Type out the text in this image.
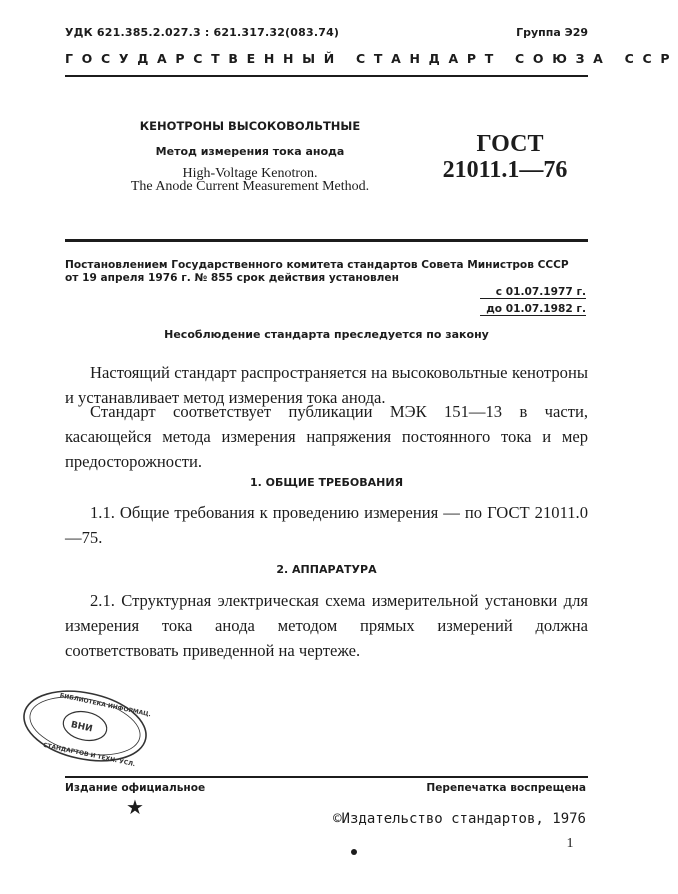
УДК 621.385.2.027.3 : 621.317.32(083.74)	Группа Э29
ГОСУДАРСТВЕННЫЙ СТАНДАРТ СОЮЗА ССР
КЕНОТРОНЫ ВЫСОКОВОЛЬТНЫЕ
Метод измерения тока анода
High-Voltage Kenotron.
The Anode Current Measurement Method.
ГОСТ
21011.1—76
Постановлением Государственного комитета стандартов Совета Министров СССР
от 19 апреля 1976 г. № 855 срок действия установлен
с 01.07.1977 г.
до 01.07.1982 г.
Несоблюдение стандарта преследуется по закону
Настоящий стандарт распространяется на высоковольтные кенотроны и устанавливает метод измерения тока анода.
Стандарт соответствует публикации МЭК 151—13 в части, касающейся метода измерения напряжения постоянного тока и мер предосторожности.
1. ОБЩИЕ ТРЕБОВАНИЯ
1.1. Общие требования к проведению измерения — по ГОСТ 21011.0—75.
2. АППАРАТУРА
2.1. Структурная электрическая схема измерительной установки для измерения тока анода методом прямых измерений должна соответствовать приведенной на чертеже.
БИБЛИОТЕКА ИНФОРМАЦ.
СТАНДАРТОВ И ТЕХН. УСЛ.
ВНИ
Издание официальное	Перепечатка воспрещена
★	©Издательство стандартов, 1976
1
